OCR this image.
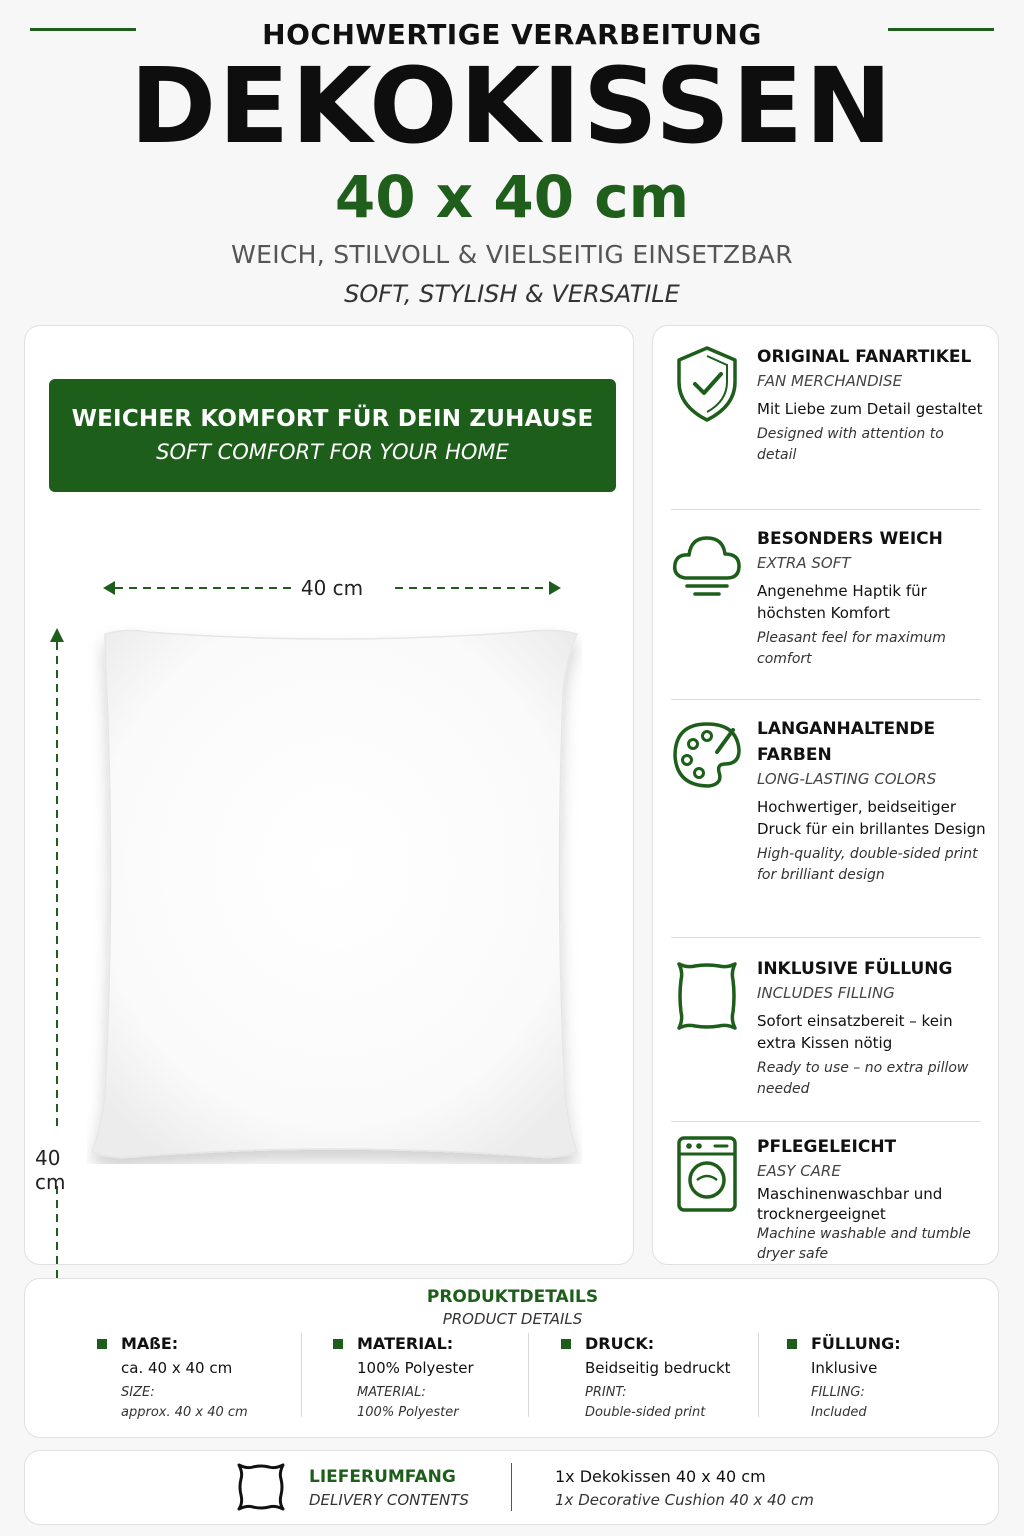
HOCHWERTIGE VERARBEITUNG
DEKOKISSEN
40 x 40 cm
WEICH, STILVOLL & VIELSEITIG EINSETZBAR
SOFT, STYLISH & VERSATILE
WEICHER KOMFORT FÜR DEIN ZUHAUSE
SOFT COMFORT FOR YOUR HOME
40 cm
40 cm
ORIGINAL FANARTIKEL
FAN MERCHANDISE
Mit Liebe zum Detail gestaltet
Designed with attention to detail
BESONDERS WEICH
EXTRA SOFT
Angenehme Haptik für höchsten Komfort
Pleasant feel for maximum comfort
LANGANHALTENDE FARBEN
LONG-LASTING COLORS
Hochwertiger, beidseitiger Druck für ein brillantes Design
High-quality, double-sided print for brilliant design
INKLUSIVE FÜLLUNG
INCLUDES FILLING
Sofort einsatzbereit – kein extra Kissen nötig
Ready to use – no extra pillow needed
PFLEGELEICHT
EASY CARE
Maschinenwaschbar und trocknergeeignet
Machine washable and tumble dryer safe
PRODUKTDETAILS
PRODUCT DETAILS
MAßE:
ca. 40 x 40 cm
SIZE:
approx. 40 x 40 cm
MATERIAL:
100% Polyester
MATERIAL:
100% Polyester
DRUCK:
Beidseitig bedruckt
PRINT:
Double-sided print
FÜLLUNG:
Inklusive
FILLING:
Included
LIEFERUMFANG
DELIVERY CONTENTS
1x Dekokissen 40 x 40 cm
1x Decorative Cushion 40 x 40 cm
